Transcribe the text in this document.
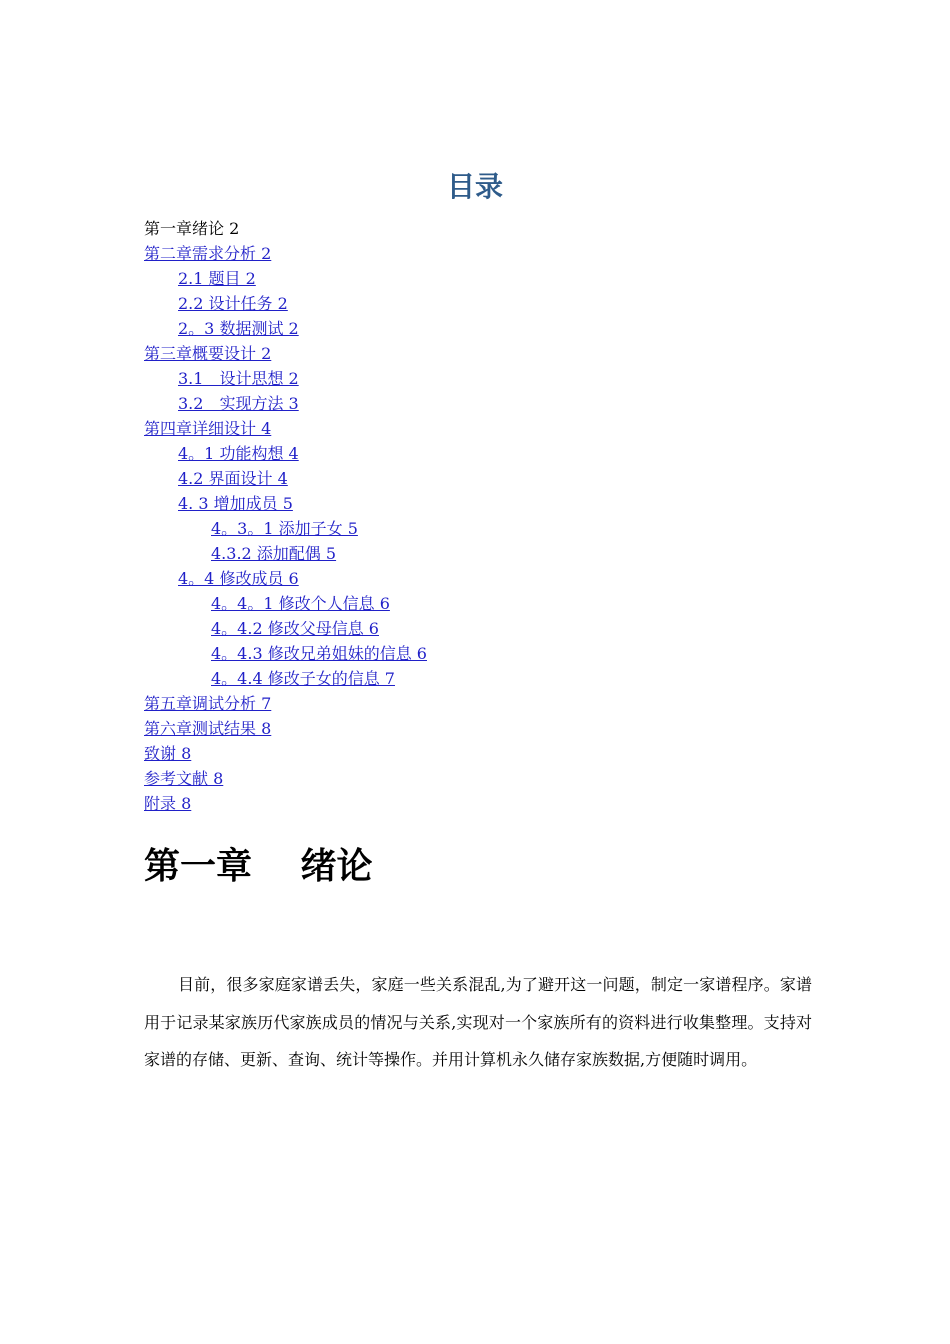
目录
第一章绪论 2
第二章需求分析 2
2.1 题目 2
2.2 设计任务 2
2。3 数据测试 2
第三章概要设计 2
3.1　设计思想 2
3.2　实现方法 3
第四章详细设计 4
4。1 功能构想 4
4.2 界面设计 4
4. 3 增加成员 5
4。3。1 添加子女 5
4.3.2 添加配偶 5
4。4 修改成员 6
4。4。1 修改个人信息 6
4。4.2 修改父母信息 6
4。4.3 修改兄弟姐妹的信息 6
4。4.4 修改子女的信息 7
第五章调试分析 7
第六章测试结果 8
致谢 8
参考文献 8
附录 8
第一章　 绪论

目前，很多家庭家谱丢失，家庭一些关系混乱,为了避开这一问题，制定一家谱程序。家谱用于记录某家族历代家族成员的情况与关系,实现对一个家族所有的资料进行收集整理。支持对家谱的存储、更新、查询、统计等操作。并用计算机永久储存家族数据,方便随时调用。
